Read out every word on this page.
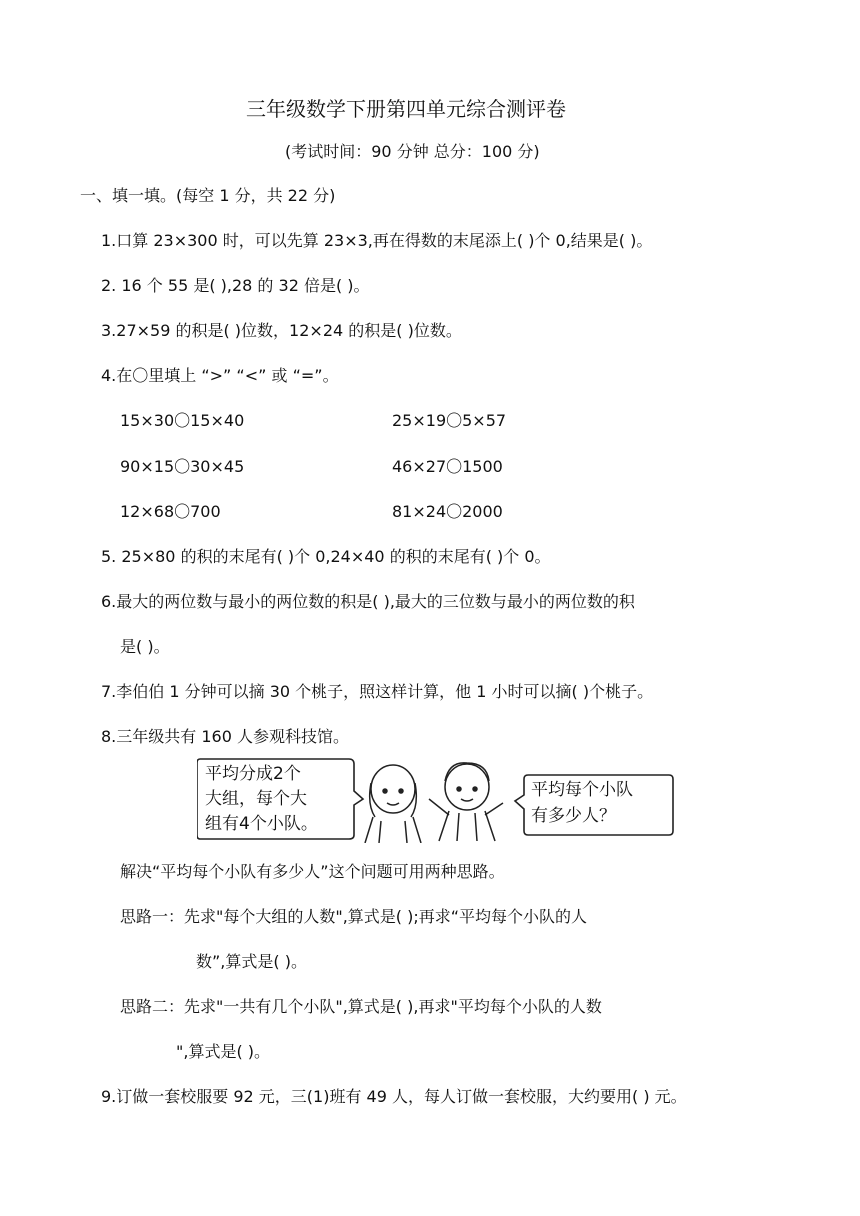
三年级数学下册第四单元综合测评卷
(考试时间：90 分钟 总分：100 分)
一、填一填。(每空 1 分，共 22 分)
1.口算 23×300 时，可以先算 23×3,再在得数的末尾添上( )个 0,结果是( )。
2. 16 个 55 是( ),28 的 32 倍是( )。
3.27×59 的积是( )位数，12×24 的积是( )位数。
4.在〇里填上 “>” “<” 或 “=”。
15×30〇15×40	25×19〇5×57
90×15〇30×45	46×27〇1500
12×68〇700	81×24〇2000
5. 25×80 的积的末尾有( )个 0,24×40 的积的末尾有( )个 0。
6.最大的两位数与最小的两位数的积是( ),最大的三位数与最小的两位数的积
是( )。
7.李伯伯 1 分钟可以摘 30 个桃子，照这样计算，他 1 小时可以摘( )个桃子。
8.三年级共有 160 人参观科技馆。
平均分成2个
大组，每个大
组有4个小队。
平均每个小队
有多少人？
解决“平均每个小队有多少人”这个问题可用两种思路。
思路一：先求"每个大组的人数",算式是( );再求“平均每个小队的人
数”,算式是( )。
思路二：先求"一共有几个小队",算式是( ),再求"平均每个小队的人数
",算式是( )。
9.订做一套校服要 92 元，三(1)班有 49 人，每人订做一套校服，大约要用( ) 元。
